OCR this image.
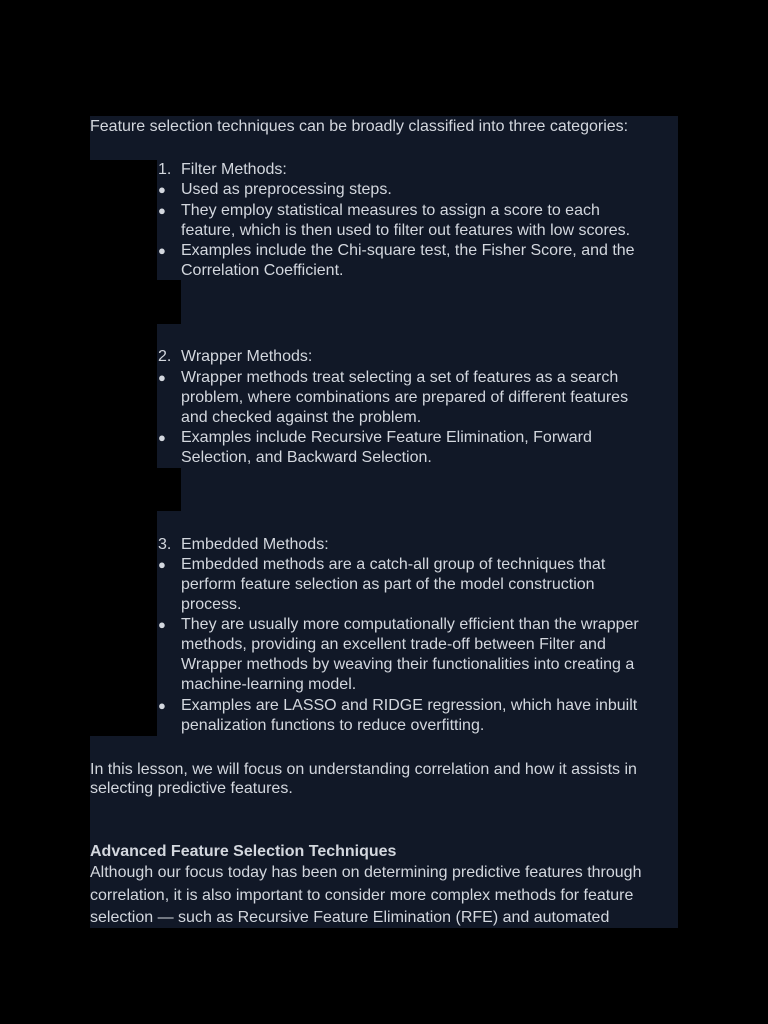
Feature selection techniques can be broadly classified into three categories:
1. Filter Methods:
● Used as preprocessing steps.
● They employ statistical measures to assign a score to each
feature, which is then used to filter out features with low scores.
● Examples include the Chi-square test, the Fisher Score, and the
Correlation Coefficient.
2. Wrapper Methods:
● Wrapper methods treat selecting a set of features as a search
problem, where combinations are prepared of different features
and checked against the problem.
● Examples include Recursive Feature Elimination, Forward
Selection, and Backward Selection.
3. Embedded Methods:
● Embedded methods are a catch-all group of techniques that
perform feature selection as part of the model construction
process.
● They are usually more computationally efficient than the wrapper
methods, providing an excellent trade-off between Filter and
Wrapper methods by weaving their functionalities into creating a
machine-learning model.
● Examples are LASSO and RIDGE regression, which have inbuilt
penalization functions to reduce overfitting.
In this lesson, we will focus on understanding correlation and how it assists in
selecting predictive features.
Advanced Feature Selection Techniques
Although our focus today has been on determining predictive features through
correlation, it is also important to consider more complex methods for feature
selection — such as Recursive Feature Elimination (RFE) and automated
